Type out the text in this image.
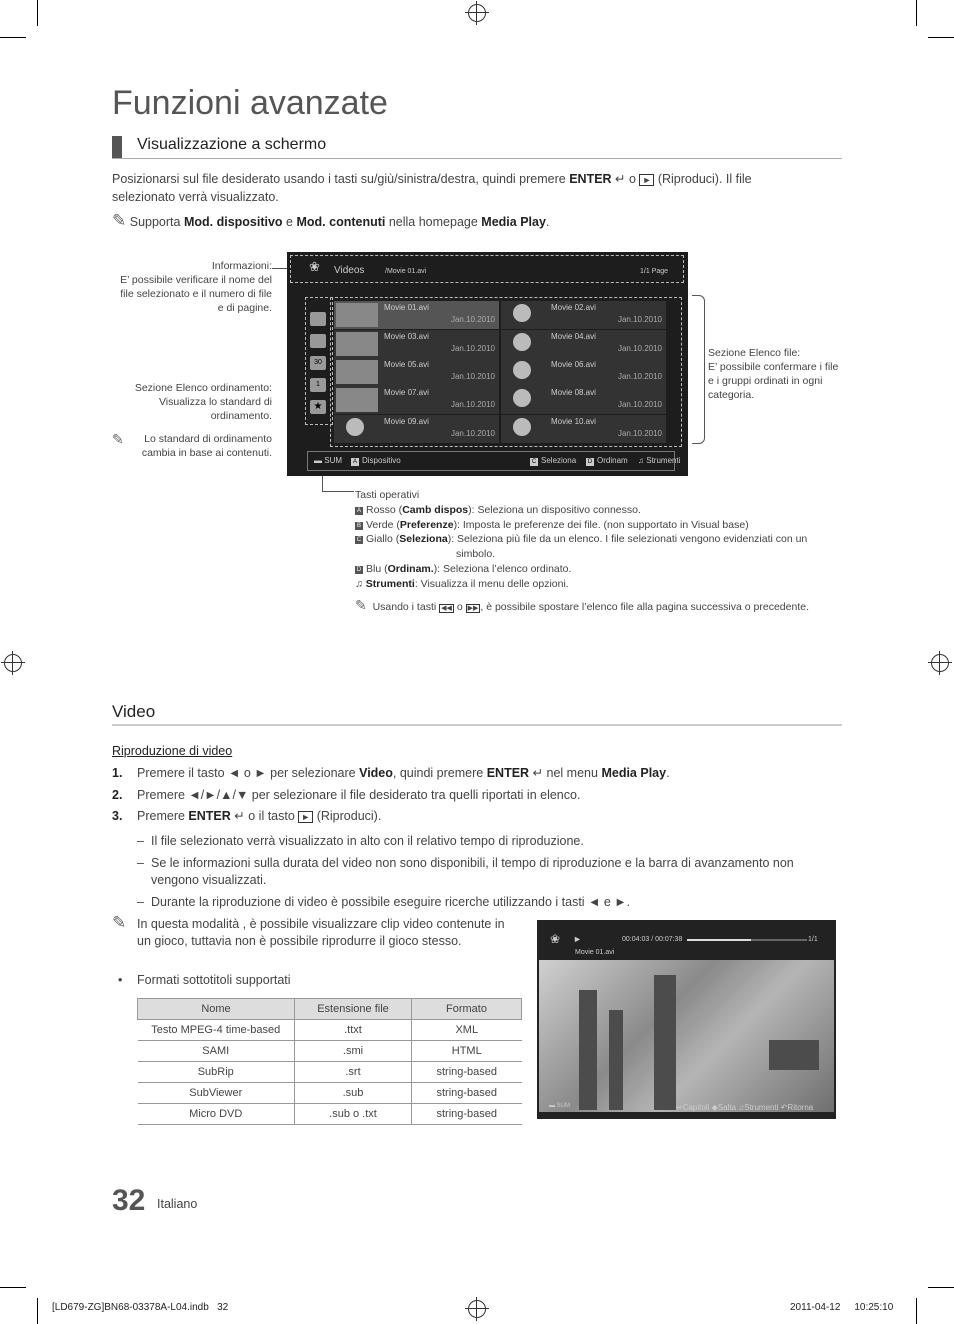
Funzioni avanzate
Visualizzazione a schermo
Posizionarsi sul file desiderato usando i tasti su/giù/sinistra/destra, quindi premere ENTER ↵ o ► (Riproduci). Il file
selezionato verrà visualizzato.
✎ Supporta Mod. dispositivo e Mod. contenuti nella homepage Media Play.
Informazioni:
E’ possibile verificare il nome del
file selezionato e il numero di file
e di pagine.
Sezione Elenco ordinamento:
Visualizza lo standard di
ordinamento.
✎	Lo standard di ordinamento
cambia in base ai contenuti.
Sezione Elenco file:
E’ possibile confermare i file
e i gruppi ordinati in ogni
categoria.
❀ Videos	/Movie 01.avi	1/1 Page
30
1
★
Movie 01.avi
Jan.10.2010
Movie 02.avi
Jan.10.2010
Movie 03.avi
Jan.10.2010
Movie 04.avi
Jan.10.2010
Movie 05.avi
Jan.10.2010
Movie 06.avi
Jan.10.2010
Movie 07.avi
Jan.10.2010
Movie 08.avi
Jan.10.2010
Movie 09.avi
Jan.10.2010
Movie 10.avi
Jan.10.2010
▬ SUM	A Dispositivo	C Seleziona	D Ordinam ♫ Strumenti
Tasti operativi
A Rosso (Camb dispos): Seleziona un dispositivo connesso.
B Verde (Preferenze): Imposta le preferenze dei file. (non supportato in Visual base)
C Giallo (Seleziona): Seleziona più file da un elenco. I file selezionati vengono evidenziati con un
simbolo.
D Blu (Ordinam.): Seleziona l’elenco ordinato.
♫ Strumenti: Visualizza il menu delle opzioni.
✎ Usando i tasti ◀◀ o ▶▶ , è possibile spostare l’elenco file alla pagina successiva o precedente.
Video
Riproduzione di video
1. Premere il tasto ◄ o ► per selezionare Video, quindi premere ENTER ↵ nel menu Media Play.
2. Premere ◄/►/▲/▼ per selezionare il file desiderato tra quelli riportati in elenco.
3. Premere ENTER ↵ o il tasto ► (Riproduci).
– Il file selezionato verrà visualizzato in alto con il relativo tempo di riproduzione.
– Se le informazioni sulla durata del video non sono disponibili, il tempo di riproduzione e la barra di avanzamento non
vengono visualizzati.
– Durante la riproduzione di video è possibile eseguire ricerche utilizzando i tasti ◄ e ►.
✎ In questa modalità , è possibile visualizzare clip video contenute in
un gioco, tuttavia non è possibile riprodurre il gioco stesso.
• Formati sottotitoli supportati
Nome	Estensione file	Formato
Testo MPEG-4 time-based	.ttxt	XML
SAMI	.smi	HTML
SubRip	.srt	string-based
SubViewer	.sub	string-based
Micro DVD	.sub o .txt	string-based
❀ ►	00:04:03 / 00:07:38	1/1
Movie 01.avi
▬ SUM	↵Capitoli ◆Salta ♫Strumenti ↶Ritorna
32 Italiano
[LD679-ZG]BN68-03378A-L04.indb   32	2011-04-12 10:25:10
